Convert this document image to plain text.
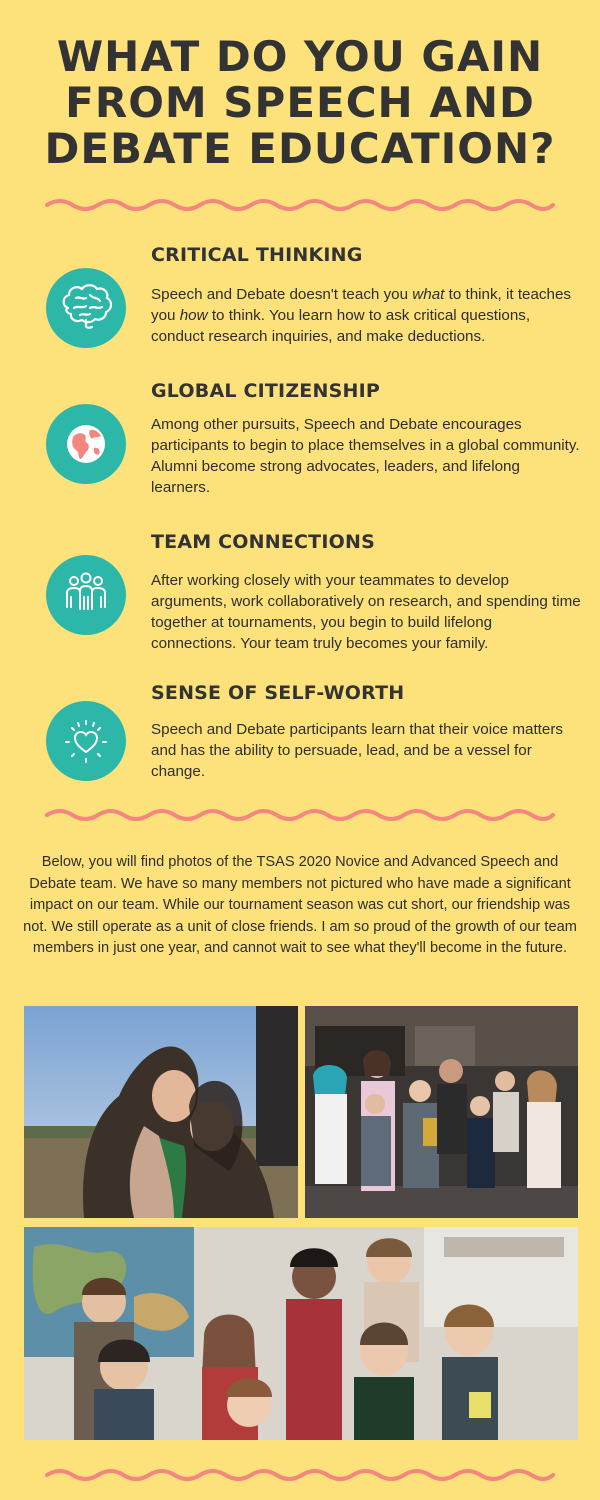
WHAT DO YOU GAIN
FROM SPEECH AND
DEBATE EDUCATION?
CRITICAL THINKING
Speech and Debate doesn't teach you what to think, it teaches you how to think. You learn how to ask critical questions, conduct research inquiries, and make deductions.
GLOBAL CITIZENSHIP
Among other pursuits, Speech and Debate encourages participants to begin to place themselves in a global community. Alumni become strong advocates, leaders, and lifelong learners.
TEAM CONNECTIONS
After working closely with your teammates to develop arguments, work collaboratively on research, and spending time together at tournaments, you begin to build lifelong connections. Your team truly becomes your family.
SENSE OF SELF-WORTH
Speech and Debate participants learn that their voice matters and has the ability to persuade, lead, and be a vessel for change.
Below, you will find photos of the TSAS 2020 Novice and Advanced Speech and Debate team. We have so many members not pictured who have made a significant impact on our team. While our tournament season was cut short, our friendship was not. We still operate as a unit of close friends. I am so proud of the growth of our team members in just one year, and cannot wait to see what they'll become in the future.
